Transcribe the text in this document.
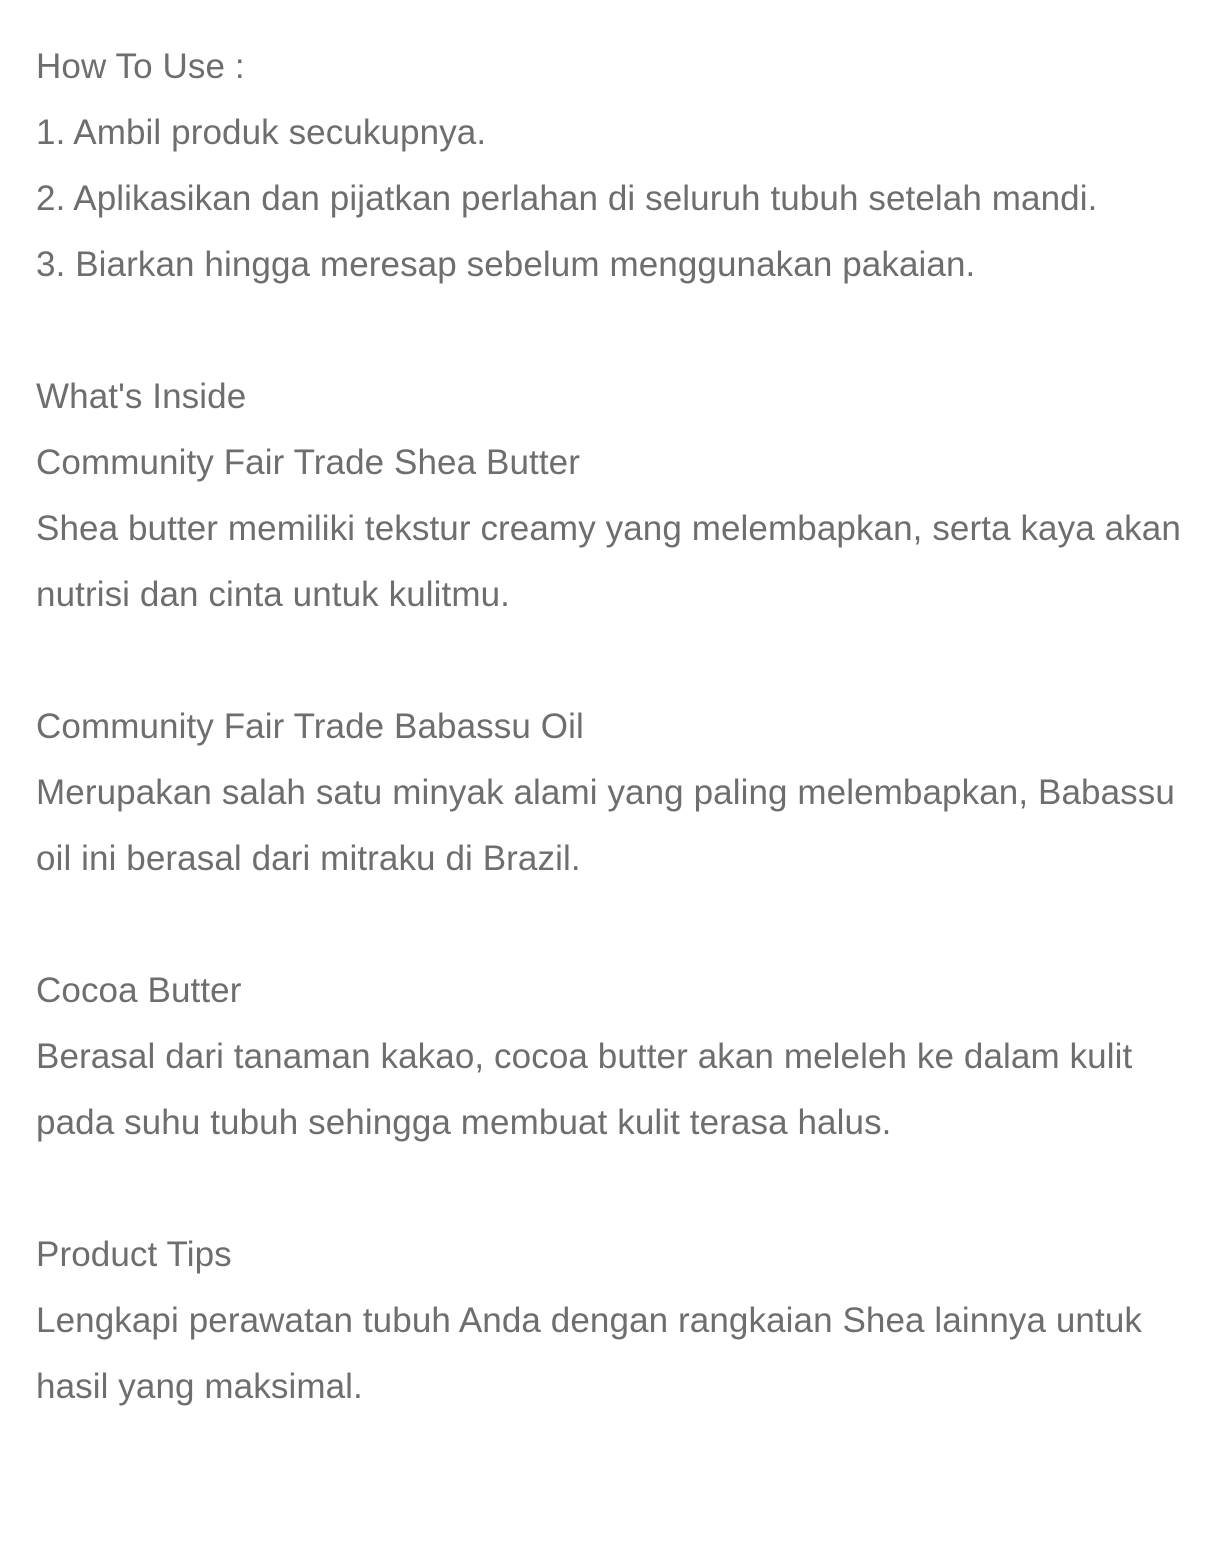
How To Use :
1. Ambil produk secukupnya.
2. Aplikasikan dan pijatkan perlahan di seluruh tubuh setelah mandi.
3. Biarkan hingga meresap sebelum menggunakan pakaian.
What's Inside
Community Fair Trade Shea Butter
Shea butter memiliki tekstur creamy yang melembapkan, serta kaya akan nutrisi dan cinta untuk kulitmu.
Community Fair Trade Babassu Oil
Merupakan salah satu minyak alami yang paling melembapkan, Babassu oil ini berasal dari mitraku di Brazil.
Cocoa Butter
Berasal dari tanaman kakao, cocoa butter akan meleleh ke dalam kulit pada suhu tubuh sehingga membuat kulit terasa halus.
Product Tips
Lengkapi perawatan tubuh Anda dengan rangkaian Shea lainnya untuk hasil yang maksimal.
